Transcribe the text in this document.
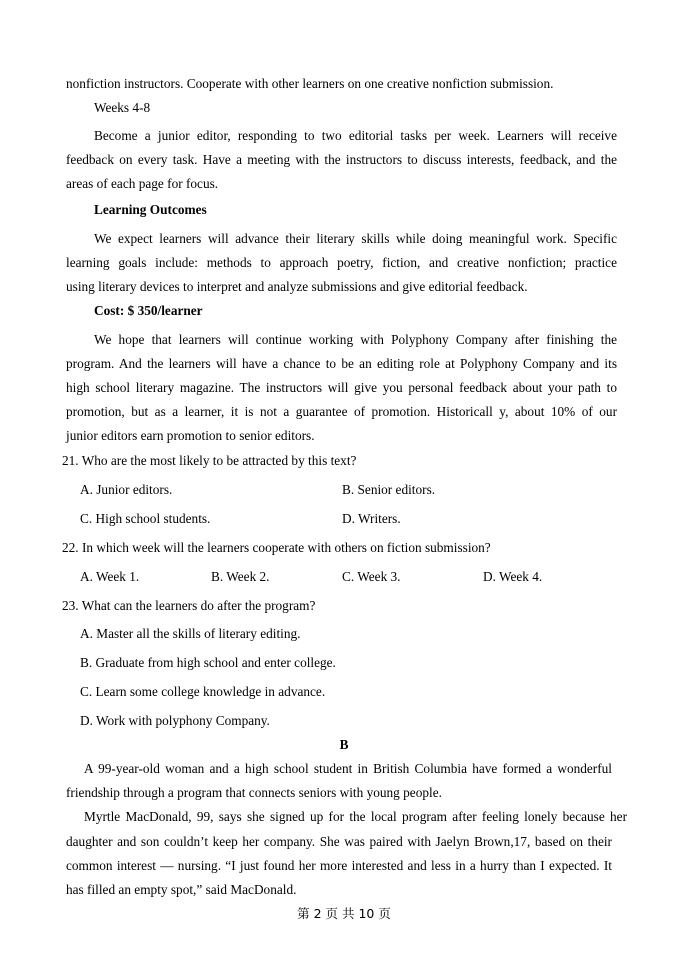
nonfiction instructors. Cooperate with other learners on one creative nonfiction submission.
Weeks 4-8
Become a junior editor, responding to two editorial tasks per week. Learners will receive
feedback on every task. Have a meeting with the instructors to discuss interests, feedback, and the
areas of each page for focus.
Learning Outcomes
We expect learners will advance their literary skills while doing meaningful work. Specific
learning goals include: methods to approach poetry, fiction, and creative nonfiction; practice
using literary devices to interpret and analyze submissions and give editorial feedback.
Cost: $ 350/learner
We hope that learners will continue working with Polyphony Company after finishing the
program. And the learners will have a chance to be an editing role at Polyphony Company and its
high school literary magazine. The instructors will give you personal feedback about your path to
promotion, but as a learner, it is not a guarantee of promotion. Historicall y, about 10% of our
junior editors earn promotion to senior editors.
21. Who are the most likely to be attracted by this text?
A. Junior editors.	B. Senior editors.
C. High school students.	D. Writers.
22. In which week will the learners cooperate with others on fiction submission?
A. Week 1.	B. Week 2.	C. Week 3.	D. Week 4.
23. What can the learners do after the program?
A. Master all the skills of literary editing.
B. Graduate from high school and enter college.
C. Learn some college knowledge in advance.
D. Work with polyphony Company.
B
A 99-year-old woman and a high school student in British Columbia have formed a wonderful
friendship through a program that connects seniors with young people.
Myrtle MacDonald, 99, says she signed up for the local program after feeling lonely because her
daughter and son couldn’t keep her company. She was paired with Jaelyn Brown,17, based on their
common interest — nursing. “I just found her more interested and less in a hurry than I expected. It
has filled an empty spot,” said MacDonald.
第 2 页 共 10 页
